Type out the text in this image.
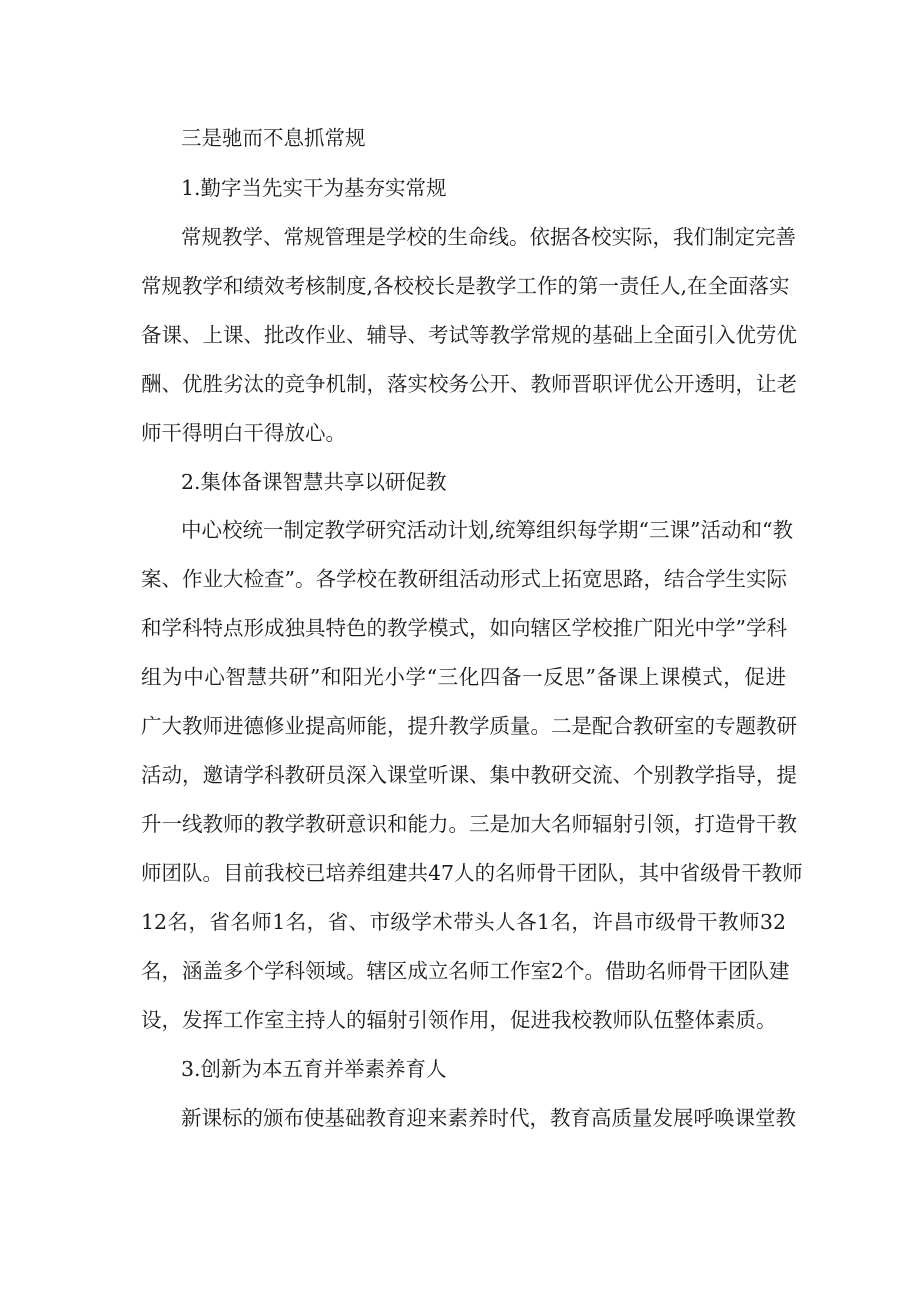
三是驰而不息抓常规
1.勤字当先实干为基夯实常规
常规教学、常规管理是学校的生命线。依据各校实际，我们制定完善
常规教学和绩效考核制度,各校校长是教学工作的第一责任人,在全面落实
备课、上课、批改作业、辅导、考试等教学常规的基础上全面引入优劳优
酬、优胜劣汰的竞争机制，落实校务公开、教师晋职评优公开透明，让老
师干得明白干得放心。
2.集体备课智慧共享以研促教
中心校统一制定教学研究活动计划,统筹组织每学期“三课”活动和“教
案、作业大检查”。各学校在教研组活动形式上拓宽思路，结合学生实际
和学科特点形成独具特色的教学模式，如向辖区学校推广阳光中学”学科
组为中心智慧共研”和阳光小学“三化四备一反思”备课上课模式，促进
广大教师进德修业提高师能，提升教学质量。二是配合教研室的专题教研
活动，邀请学科教研员深入课堂听课、集中教研交流、个别教学指导，提
升一线教师的教学教研意识和能力。三是加大名师辐射引领，打造骨干教
师团队。目前我校已培养组建共47人的名师骨干团队，其中省级骨干教师
12名，省名师1名，省、市级学术带头人各1名，许昌市级骨干教师32
名，涵盖多个学科领域。辖区成立名师工作室2个。借助名师骨干团队建
设，发挥工作室主持人的辐射引领作用，促进我校教师队伍整体素质。
3.创新为本五育并举素养育人
新课标的颁布使基础教育迎来素养时代，教育高质量发展呼唤课堂教
